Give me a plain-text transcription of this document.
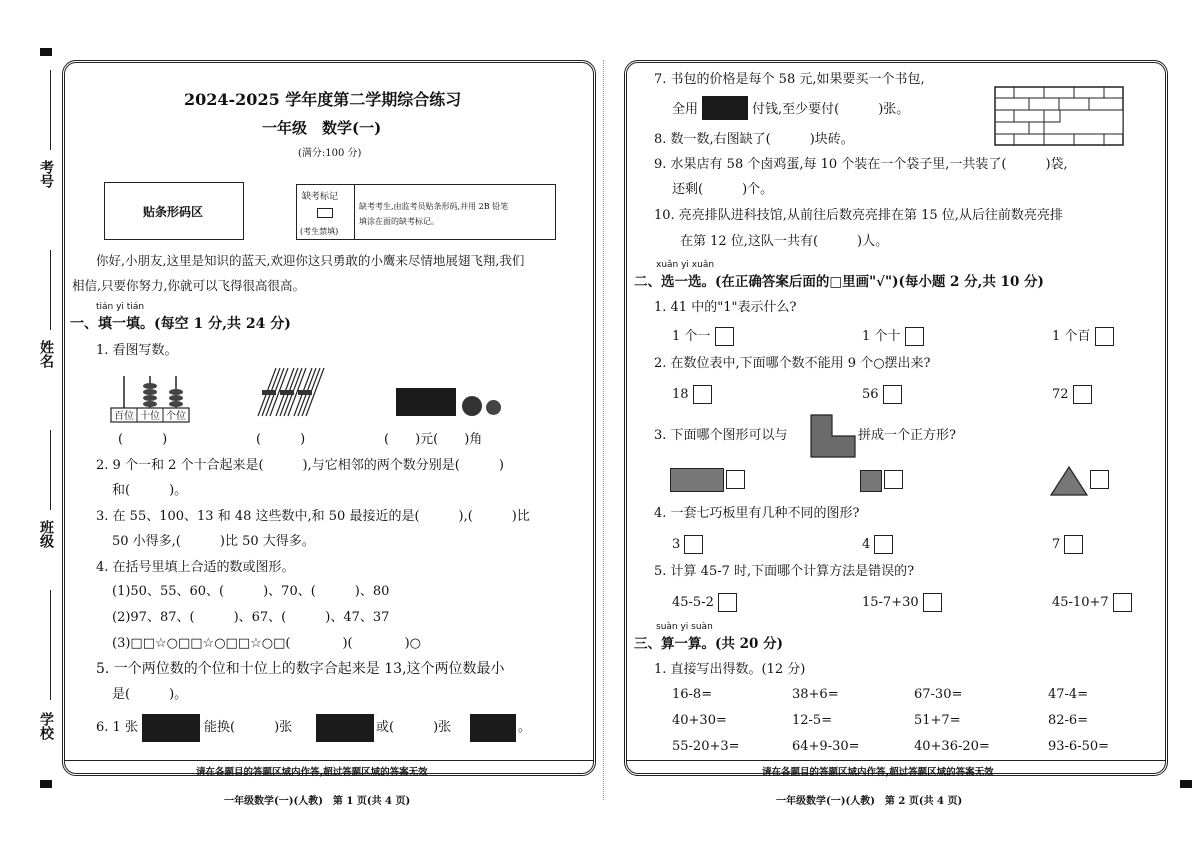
考号
姓名
班级
学校
2024-2025 学年度第二学期综合练习
一年级　数学(一)
(满分:100 分)
贴条形码区
缺考标记
(考生禁填)
缺考考生,由监考员贴条形码,并用 2B 铅笔
填涂在面的缺考标记。
你好,小朋友,这里是知识的蓝天,欢迎你这只勇敢的小鹰来尽情地展翅飞翔,我们
相信,只要你努力,你就可以飞得很高很高。
tián yi tián
一、填一填。(每空 1 分,共 24 分)
1. 看图写数。
百位 十位 个位
(　　　)	(　　　)	(　　)元(　　)角
2. 9 个一和 2 个十合起来是(　　　),与它相邻的两个数分别是(　　　)
和(　　　)。
3. 在 55、100、13 和 48 这些数中,和 50 最接近的是(　　　),(　　　)比
50 小得多,(　　　)比 50 大得多。
4. 在括号里填上合适的数或图形。
(1)50、55、60、(　　　)、70、(　　　)、80
(2)97、87、(　　　)、67、(　　　)、47、37
(3)□□☆○□□☆○□□☆○□(　　　　)(　　　　)○
5. 一个两位数的个位和十位上的数字合起来是 13,这个两位数最小
是(　　　)。
6. 1 张	能换(　　　)张	或(　　　)张	。
请在各题目的答题区域内作答,超过答题区域的答案无效
一年级数学(一)(人教)　第 1 页(共 4 页)
7. 书包的价格是每个 58 元,如果要买一个书包,
全用	付钱,至少要付(　　　)张。
8. 数一数,右图缺了(　　　)块砖。
9. 水果店有 58 个卤鸡蛋,每 10 个装在一个袋子里,一共装了(　　　)袋,
还剩(　　　)个。
10. 亮亮排队进科技馆,从前往后数亮亮排在第 15 位,从后往前数亮亮排
在第 12 位,这队一共有(　　　)人。
xuǎn yi xuǎn
二、选一选。(在正确答案后面的□里画"√")(每小题 2 分,共 10 分)
1. 41 中的"1"表示什么?
1 个一	1 个十	1 个百
2. 在数位表中,下面哪个数不能用 9 个○摆出来?
18	56	72
3. 下面哪个图形可以与	拼成一个正方形?
4. 一套七巧板里有几种不同的图形?
3	4	7
5. 计算 45-7 时,下面哪个计算方法是错误的?
45-5-2	15-7+30	45-10+7
suàn yi suàn
三、算一算。(共 20 分)
1. 直接写出得数。(12 分)
16-8=	38+6=	67-30=	47-4=
40+30=	12-5=	51+7=	82-6=
55-20+3=	64+9-30=	40+36-20=	93-6-50=
请在各题目的答题区域内作答,超过答题区域的答案无效
一年级数学(一)(人教)　第 2 页(共 4 页)
